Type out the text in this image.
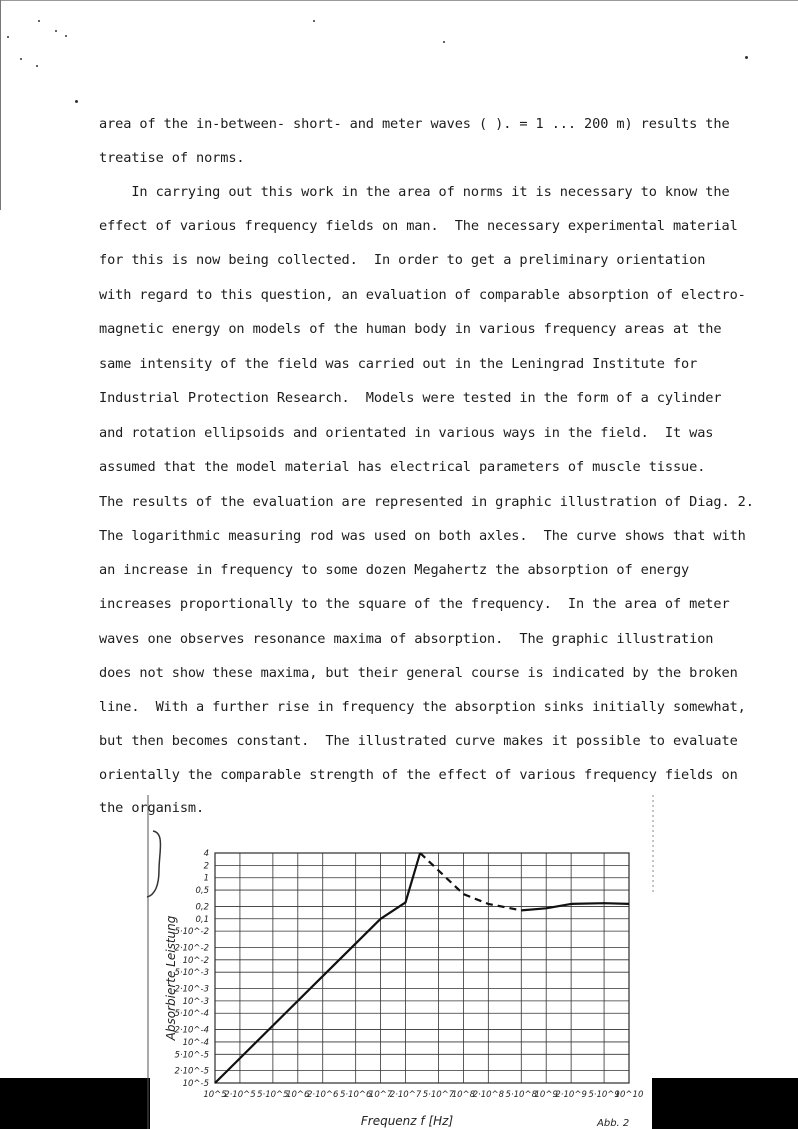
area of the in-between- short- and meter waves ( ). = 1 ... 200 m) results the

treatise of norms.

In carrying out this work in the area of norms it is necessary to know the

effect of various frequency fields on man.  The necessary experimental material

for this is now being collected.  In order to get a preliminary orientation

with regard to this question, an evaluation of comparable absorption of electro-

magnetic energy on models of the human body in various frequency areas at the

same intensity of the field was carried out in the Leningrad Institute for

Industrial Protection Research.  Models were tested in the form of a cylinder

and rotation ellipsoids and orientated in various ways in the field.  It was

assumed that the model material has electrical parameters of muscle tissue.

The results of the evaluation are represented in graphic illustration of Diag. 2.

The logarithmic measuring rod was used on both axles.  The curve shows that with

an increase in frequency to some dozen Megahertz the absorption of energy

increases proportionally to the square of the frequency.  In the area of meter

waves one observes resonance maxima of absorption.  The graphic illustration

does not show these maxima, but their general course is indicated by the broken

line.  With a further rise in frequency the absorption sinks initially somewhat,

but then becomes constant.  The illustrated curve makes it possible to evaluate

orientally the comparable strength of the effect of various frequency fields on

the organism.

10^-5
2·10^-5
5·10^-5
10^-4
2·10^-4
5·10^-4
10^-3
2·10^-3
5·10^-3
10^-2
2·10^-2
5·10^-2
0,1
0,2
0,5
1
2
4
10^5
2·10^5 5·10^5
10^6
2·10^6 5·10^6
10^7
2·10^7 5·10^7
10^8
2·10^8 5·10^8
10^9
2·10^9 5·10^9
10^10
Absorbierte Leistung
Frequenz f [Hz]	Abb. 2
